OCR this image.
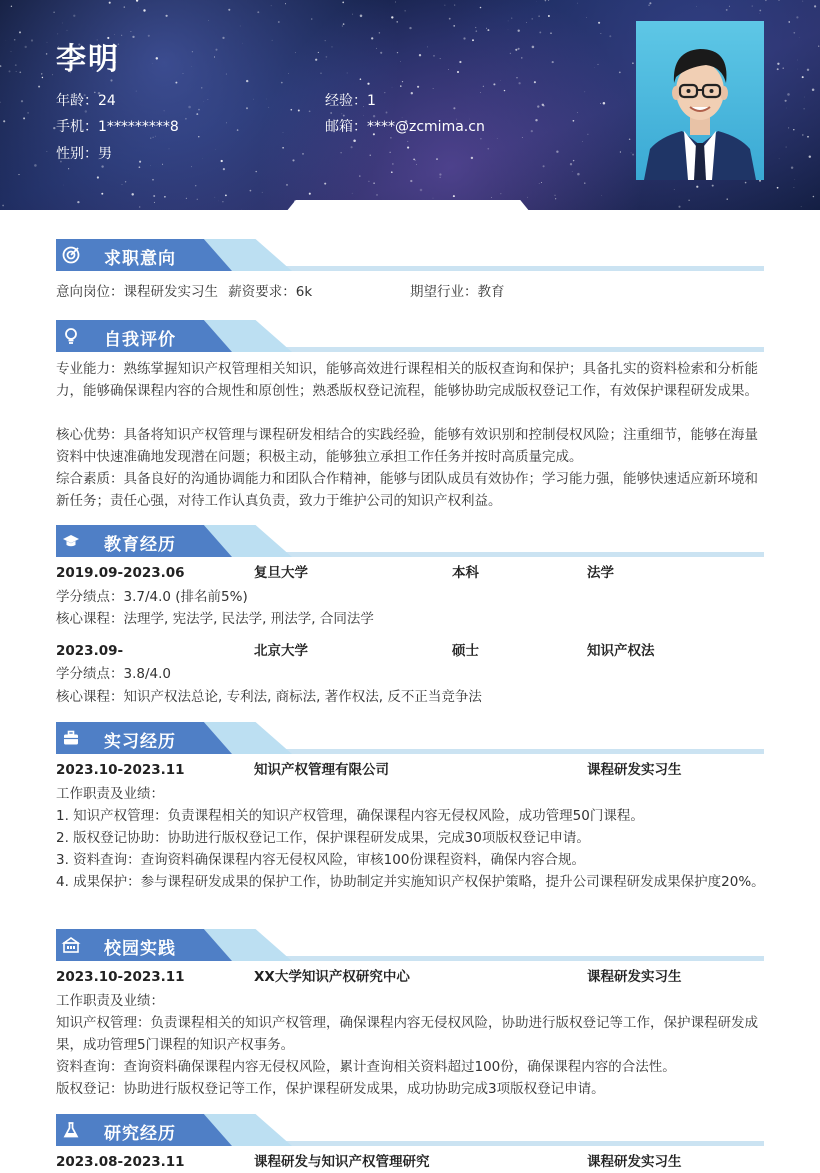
李明
年龄：24	经验：1
手机：1*********8	邮箱：****@zcmima.cn
性别：男
求职意向
意向岗位：课程研发实习生 薪资要求：6k	期望行业：教育
自我评价
专业能力：熟练掌握知识产权管理相关知识，能够高效进行课程相关的版权查询和保护；具备扎实的资料检索和分析能力，能够确保课程内容的合规性和原创性；熟悉版权登记流程，能够协助完成版权登记工作，有效保护课程研发成果。
核心优势：具备将知识产权管理与课程研发相结合的实践经验，能够有效识别和控制侵权风险；注重细节，能够在海量资料中快速准确地发现潜在问题；积极主动，能够独立承担工作任务并按时高质量完成。
综合素质：具备良好的沟通协调能力和团队合作精神，能够与团队成员有效协作；学习能力强，能够快速适应新环境和新任务；责任心强，对待工作认真负责，致力于维护公司的知识产权利益。
教育经历
2019.09-2023.06	复旦大学	本科	法学
学分绩点：3.7/4.0 (排名前5%)
核心课程：法理学, 宪法学, 民法学, 刑法学, 合同法学
2023.09-	北京大学	硕士	知识产权法
学分绩点：3.8/4.0
核心课程：知识产权法总论, 专利法, 商标法, 著作权法, 反不正当竞争法
实习经历
2023.10-2023.11	知识产权管理有限公司	课程研发实习生
工作职责及业绩：
1. 知识产权管理：负责课程相关的知识产权管理，确保课程内容无侵权风险，成功管理50门课程。
2. 版权登记协助：协助进行版权登记工作，保护课程研发成果，完成30项版权登记申请。
3. 资料查询：查询资料确保课程内容无侵权风险，审核100份课程资料，确保内容合规。
4. 成果保护：参与课程研发成果的保护工作，协助制定并实施知识产权保护策略，提升公司课程研发成果保护度20%。
校园实践
2023.10-2023.11	XX大学知识产权研究中心	课程研发实习生
工作职责及业绩：
知识产权管理：负责课程相关的知识产权管理，确保课程内容无侵权风险，协助进行版权登记等工作，保护课程研发成果，成功管理5门课程的知识产权事务。
资料查询：查询资料确保课程内容无侵权风险，累计查询相关资料超过100份，确保课程内容的合法性。
版权登记：协助进行版权登记等工作，保护课程研发成果，成功协助完成3项版权登记申请。
研究经历
2023.08-2023.11	课程研发与知识产权管理研究	课程研发实习生
